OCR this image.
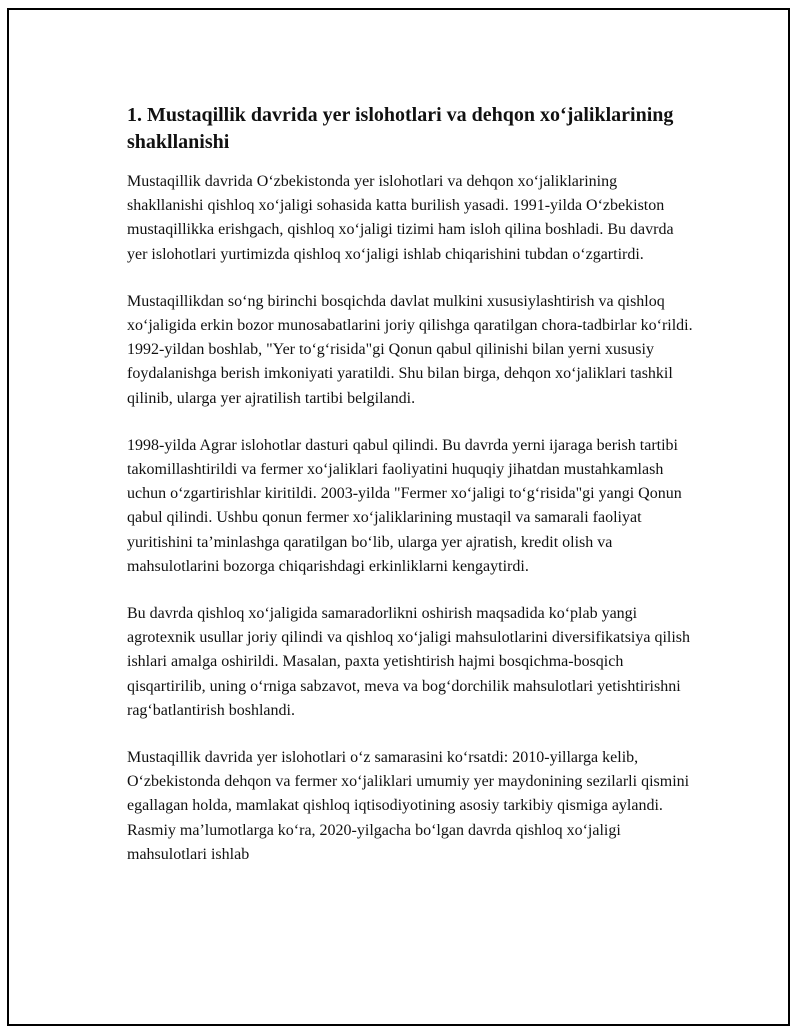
1. Mustaqillik davrida yer islohotlari va dehqon xo‘jaliklarining shakllanishi

Mustaqillik davrida O‘zbekistonda yer islohotlari va dehqon xo‘jaliklarining shakllanishi qishloq xo‘jaligi sohasida katta burilish yasadi. 1991-yilda O‘zbekiston mustaqillikka erishgach, qishloq xo‘jaligi tizimi ham isloh qilina boshladi. Bu davrda yer islohotlari yurtimizda qishloq xo‘jaligi ishlab chiqarishini tubdan o‘zgartirdi.

Mustaqillikdan so‘ng birinchi bosqichda davlat mulkini xususiylashtirish va qishloq xo‘jaligida erkin bozor munosabatlarini joriy qilishga qaratilgan chora-tadbirlar ko‘rildi. 1992-yildan boshlab, "Yer to‘g‘risida"gi Qonun qabul qilinishi bilan yerni xususiy foydalanishga berish imkoniyati yaratildi. Shu bilan birga, dehqon xo‘jaliklari tashkil qilinib, ularga yer ajratilish tartibi belgilandi.

1998-yilda Agrar islohotlar dasturi qabul qilindi. Bu davrda yerni ijaraga berish tartibi takomillashtirildi va fermer xo‘jaliklari faoliyatini huquqiy jihatdan mustahkamlash uchun o‘zgartirishlar kiritildi. 2003-yilda "Fermer xo‘jaligi to‘g‘risida"gi yangi Qonun qabul qilindi. Ushbu qonun fermer xo‘jaliklarining mustaqil va samarali faoliyat yuritishini ta’minlashga qaratilgan bo‘lib, ularga yer ajratish, kredit olish va mahsulotlarini bozorga chiqarishdagi erkinliklarni kengaytirdi.

Bu davrda qishloq xo‘jaligida samaradorlikni oshirish maqsadida ko‘plab yangi agrotexnik usullar joriy qilindi va qishloq xo‘jaligi mahsulotlarini diversifikatsiya qilish ishlari amalga oshirildi. Masalan, paxta yetishtirish hajmi bosqichma-bosqich qisqartirilib, uning o‘rniga sabzavot, meva va bog‘dorchilik mahsulotlari yetishtirishni rag‘batlantirish boshlandi.

Mustaqillik davrida yer islohotlari o‘z samarasini ko‘rsatdi: 2010-yillarga kelib, O‘zbekistonda dehqon va fermer xo‘jaliklari umumiy yer maydonining sezilarli qismini egallagan holda, mamlakat qishloq iqtisodiyotining asosiy tarkibiy qismiga aylandi. Rasmiy ma’lumotlarga ko‘ra, 2020-yilgacha bo‘lgan davrda qishloq xo‘jaligi mahsulotlari ishlab
